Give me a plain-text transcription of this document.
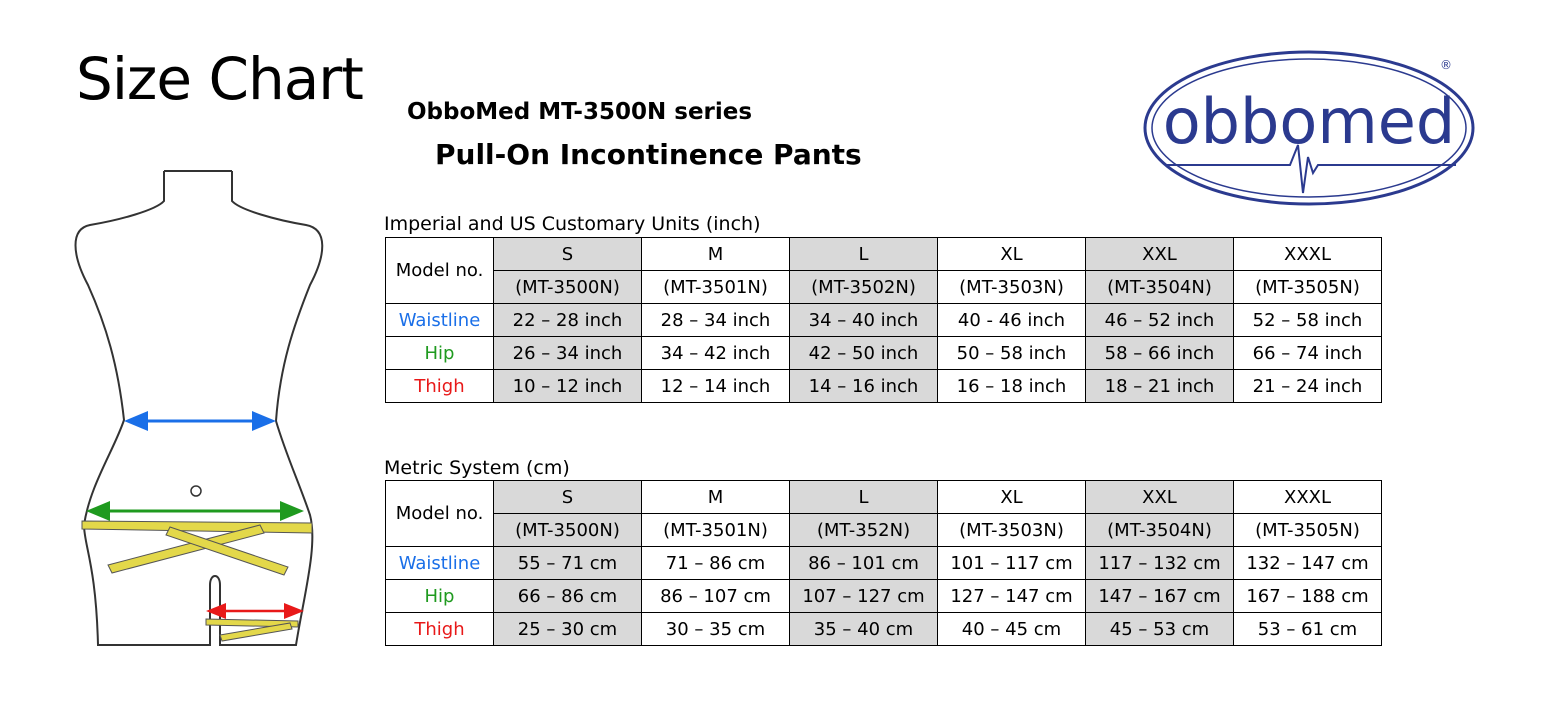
Size Chart ObboMed MT-3500N series
Pull-On Incontinence Pants	obbomed
®
Imperial and US Customary Units (inch)
Model no.	S	M	L	XL	XXL	XXXL
	(MT-3500N)	(MT-3501N)	(MT-3502N)	(MT-3503N)	(MT-3504N)	(MT-3505N)
Waistline	22 – 28 inch	28 – 34 inch	34 – 40 inch	40 - 46 inch	46 – 52 inch	52 – 58 inch
Hip	26 – 34 inch	34 – 42 inch	42 – 50 inch	50 – 58 inch	58 – 66 inch	66 – 74 inch
Thigh	10 – 12 inch	12 – 14 inch	14 – 16 inch	16 – 18 inch	18 – 21 inch	21 – 24 inch
Metric System (cm)
Model no.	S	M	L	XL	XXL	XXXL
	(MT-3500N)	(MT-3501N)	(MT-352N)	(MT-3503N)	(MT-3504N)	(MT-3505N)
Waistline	55 – 71 cm	71 – 86 cm	86 – 101 cm	101 – 117 cm	117 – 132 cm	132 – 147 cm
Hip	66 – 86 cm	86 – 107 cm	107 – 127 cm	127 – 147 cm	147 – 167 cm	167 – 188 cm
Thigh	25 – 30 cm	30 – 35 cm	35 – 40 cm	40 – 45 cm	45 – 53 cm	53 – 61 cm
